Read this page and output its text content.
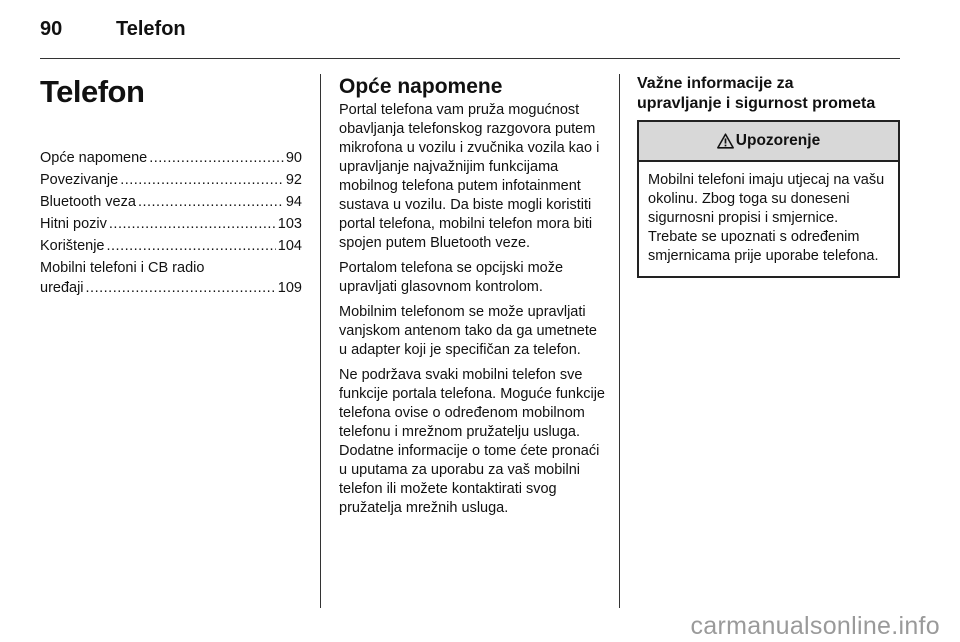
90	Telefon
Telefon
Opće napomene .....	90
Povezivanje .....	92
Bluetooth veza .....	94
Hitni poziv .....	103
Korištenje .....	104
Mobilni telefoni i CB radio
uređaji .....	109
Opće napomene

Portal telefona vam pruža mogućnost obavljanja telefonskog razgovora putem mikrofona u vozilu i zvučnika vozila kao i upravljanje najvažnijim funkcijama mobilnog telefona putem infotainment sustava u vozilu. Da biste mogli koristiti portal telefona, mobilni telefon mora biti spojen putem Bluetooth veze.

Portalom telefona se opcijski može upravljati glasovnom kontrolom.

Mobilnim telefonom se može upravljati vanjskom antenom tako da ga umetnete u adapter koji je specifičan za telefon.

Ne podržava svaki mobilni telefon sve funkcije portala telefona. Moguće funkcije telefona ovise o određenom mobilnom telefonu i mrežnom pružatelju usluga. Dodatne informacije o tome ćete pronaći u uputama za uporabu za vaš mobilni telefon ili možete kontaktirati svog pružatelja mrežnih usluga.

Važne informacije za
upravljanje i sigurnost prometa
Upozorenje
Mobilni telefoni imaju utjecaj na vašu okolinu. Zbog toga su doneseni sigurnosni propisi i smjernice. Trebate se upoznati s određenim smjernicama prije uporabe telefona.
carmanualsonline.info
